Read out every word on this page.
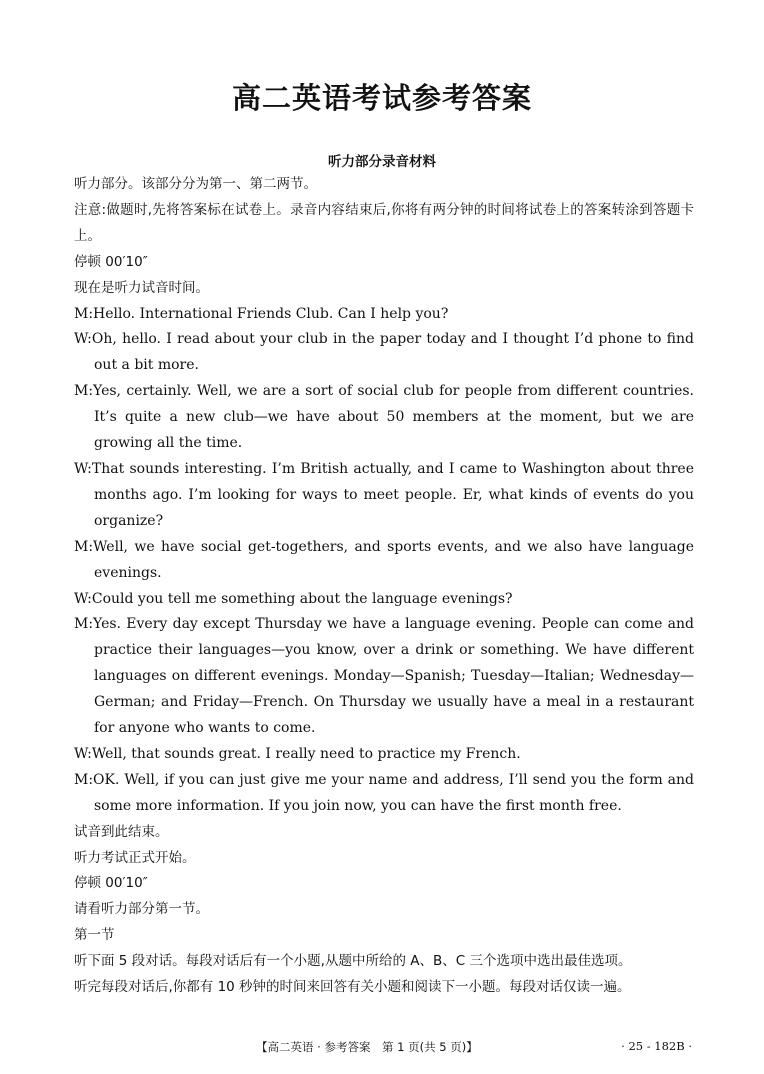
高二英语考试参考答案
听力部分录音材料

听力部分。该部分分为第一、第二两节。

注意:做题时,先将答案标在试卷上。录音内容结束后,你将有两分钟的时间将试卷上的答案转涂到答题卡上。

停顿 00′10″

现在是听力试音时间。

M:Hello. International Friends Club. Can I help you?

W:Oh, hello. I read about your club in the paper today and I thought I’d phone to find out a bit more.

M:Yes, certainly. Well, we are a sort of social club for people from different countries. It’s quite a new club—we have about 50 members at the moment, but we are growing all the time.

W:That sounds interesting. I’m British actually, and I came to Washington about three months ago. I’m looking for ways to meet people. Er, what kinds of events do you organize?

M:Well, we have social get-togethers, and sports events, and we also have language evenings.

W:Could you tell me something about the language evenings?

M:Yes. Every day except Thursday we have a language evening. People can come and practice their languages—you know, over a drink or something. We have different languages on different evenings. Monday—Spanish; Tuesday—Italian; Wednesday—German; and Friday—French. On Thursday we usually have a meal in a restaurant for anyone who wants to come.

W:Well, that sounds great. I really need to practice my French.

M:OK. Well, if you can just give me your name and address, I’ll send you the form and some more information. If you join now, you can have the first month free.

试音到此结束。

听力考试正式开始。

停顿 00′10″

请看听力部分第一节。

第一节

听下面 5 段对话。每段对话后有一个小题,从题中所给的 A、B、C 三个选项中选出最佳选项。

听完每段对话后,你都有 10 秒钟的时间来回答有关小题和阅读下一小题。每段对话仅读一遍。

【高二英语 · 参考答案　第 1 页(共 5 页)】	· 25 - 182B ·
